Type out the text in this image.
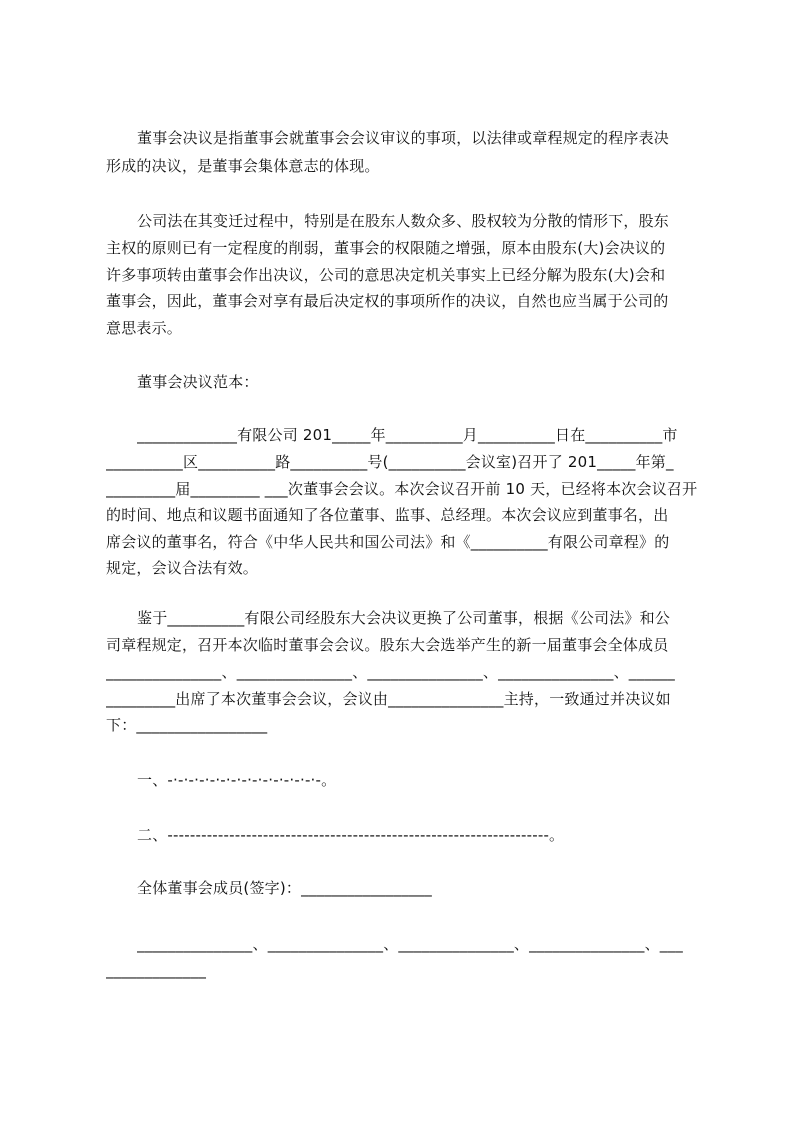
董事会决议是指董事会就董事会会议审议的事项，以法律或章程规定的程序表决
形成的决议，是董事会集体意志的体现。
公司法在其变迁过程中，特别是在股东人数众多、股权较为分散的情形下，股东
主权的原则已有一定程度的削弱，董事会的权限随之增强，原本由股东(大)会决议的
许多事项转由董事会作出决议，公司的意思决定机关事实上已经分解为股东(大)会和
董事会，因此，董事会对享有最后决定权的事项所作的决议，自然也应当属于公司的
意思表示。
董事会决议范本：
_____________有限公司 201_____年__________月__________日在__________市
__________区__________路__________号(__________会议室)召开了 201_____年第_
_________届_________ ___次董事会会议。本次会议召开前 10 天，已经将本次会议召开
的时间、地点和议题书面通知了各位董事、监事、总经理。本次会议应到董事名，出
席会议的董事名，符合《中华人民共和国公司法》和《__________有限公司章程》的
规定，会议合法有效。
鉴于__________有限公司经股东大会决议更换了公司董事，根据《公司法》和公
司章程规定，召开本次临时董事会会议。股东大会选举产生的新一届董事会全体成员
_______________、_______________、_______________、_______________、______
_________出席了本次董事会会议，会议由_______________主持，一致通过并决议如
下：_________________
一、-·-·-·-·-·-·-·-·-·-·-·-·-·-·-。
二、--------------------------------------------------------------------。
全体董事会成员(签字)：_________________
_______________、_______________、_______________、_______________、___
_____________
